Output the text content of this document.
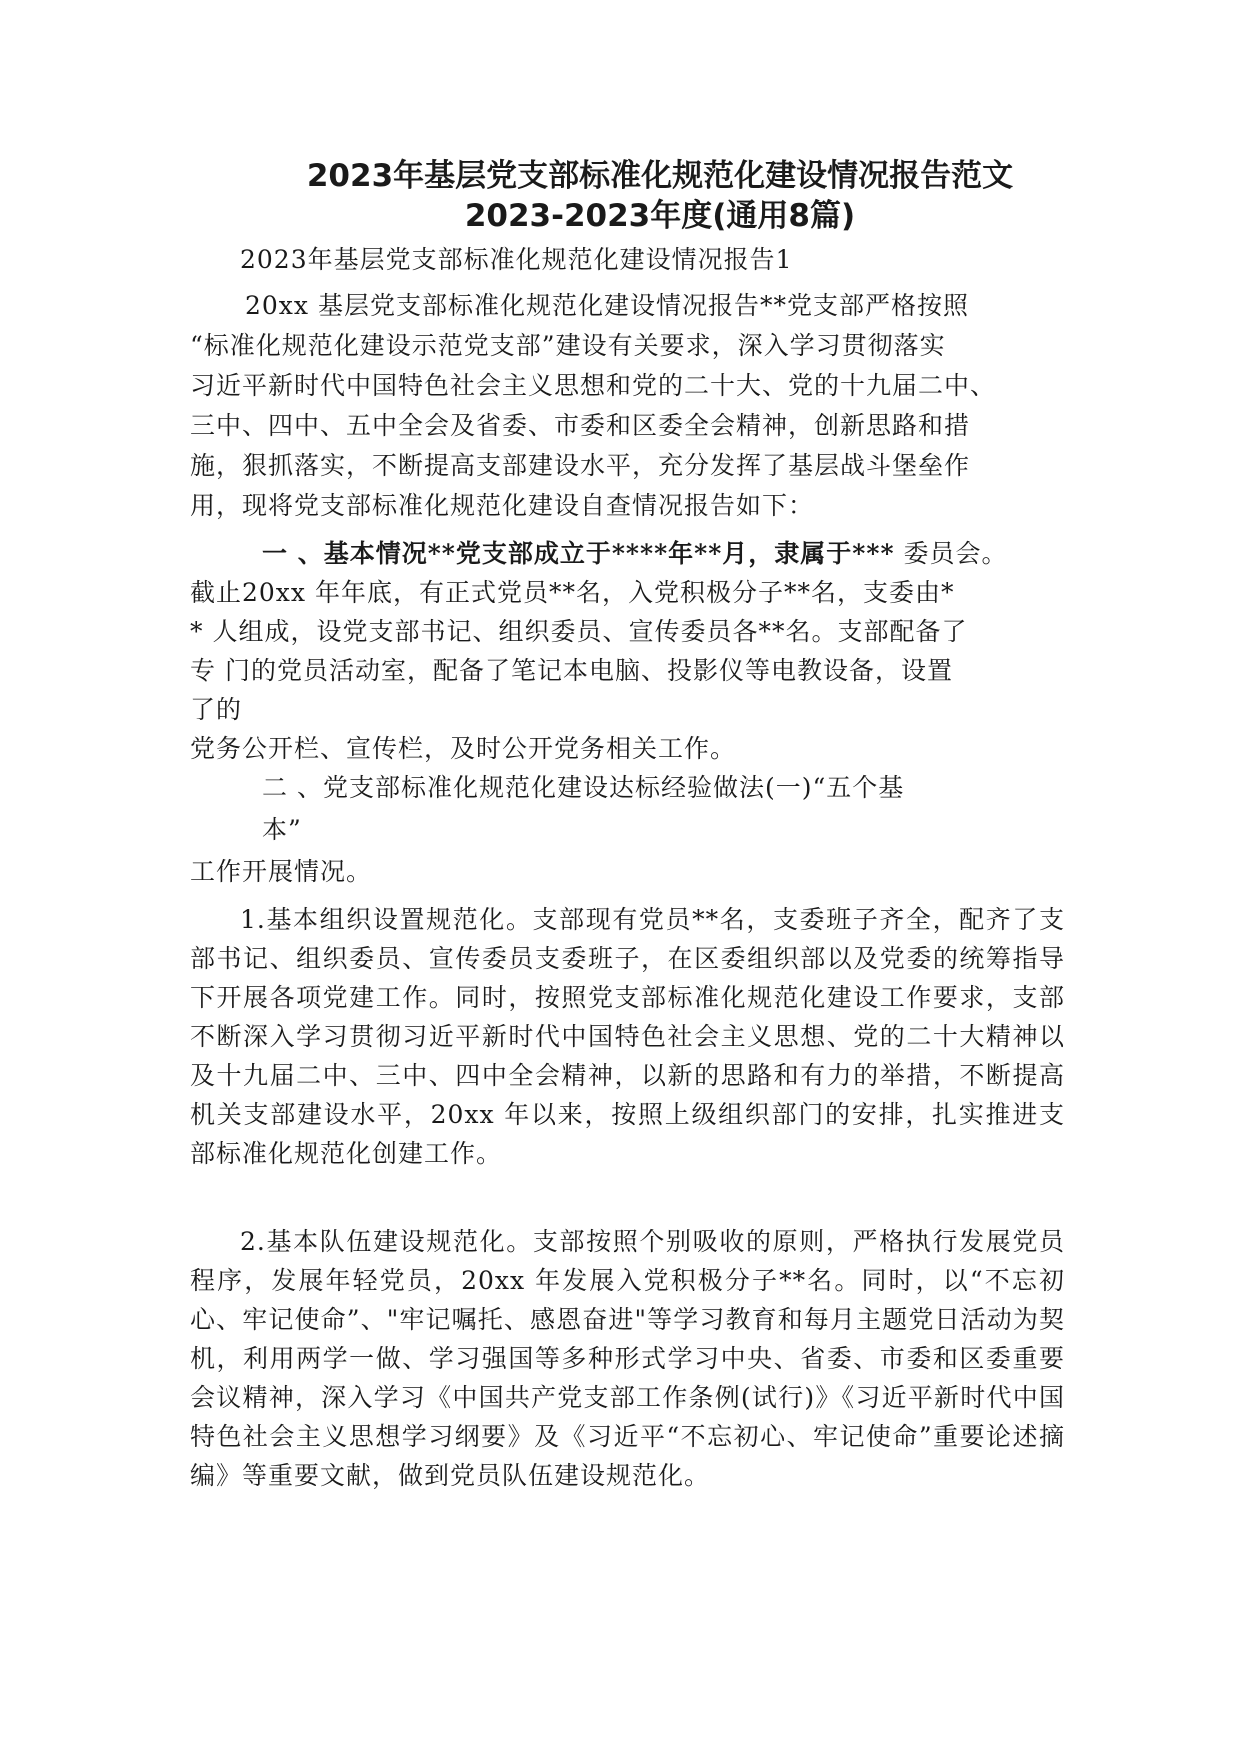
2023年基层党支部标准化规范化建设情况报告范文
2023-2023年度(通用8篇)
2023年基层党支部标准化规范化建设情况报告1
20xx 基层党支部标准化规范化建设情况报告**党支部严格按照
“标准化规范化建设示范党支部”建设有关要求，深入学习贯彻落实
习近平新时代中国特色社会主义思想和党的二十大、党的十九届二中、
三中、四中、五中全会及省委、市委和区委全会精神，创新思路和措
施，狠抓落实，不断提高支部建设水平，充分发挥了基层战斗堡垒作
用，现将党支部标准化规范化建设自查情况报告如下：
一 、基本情况**党支部成立于****年**月，隶属于*** 委员会。
截止20xx 年年底，有正式党员**名，入党积极分子**名，支委由*
* 人组成，设党支部书记、组织委员、宣传委员各**名。支部配备了
专 门的党员活动室，配备了笔记本电脑、投影仪等电教设备，设置
了的
党务公开栏、宣传栏，及时公开党务相关工作。
二 、党支部标准化规范化建设达标经验做法(一)“五个基
本”
工作开展情况。

1.基本组织设置规范化。支部现有党员**名，支委班子齐全，配齐了支部书记、组织委员、宣传委员支委班子，在区委组织部以及党委的统筹指导下开展各项党建工作。同时，按照党支部标准化规范化建设工作要求，支部不断深入学习贯彻习近平新时代中国特色社会主义思想、党的二十大精神以及十九届二中、三中、四中全会精神，以新的思路和有力的举措，不断提高机关支部建设水平，20xx 年以来，按照上级组织部门的安排，扎实推进支部标准化规范化创建工作。

2.基本队伍建设规范化。支部按照个别吸收的原则，严格执行发展党员程序，发展年轻党员，20xx 年发展入党积极分子**名。同时，以“不忘初心、牢记使命”、"牢记嘱托、感恩奋进"等学习教育和每月主题党日活动为契机，利用两学一做、学习强国等多种形式学习中央、省委、市委和区委重要会议精神，深入学习《中国共产党支部工作条例(试行)》《习近平新时代中国特色社会主义思想学习纲要》及《习近平“不忘初心、牢记使命”重要论述摘编》等重要文献，做到党员队伍建设规范化。
